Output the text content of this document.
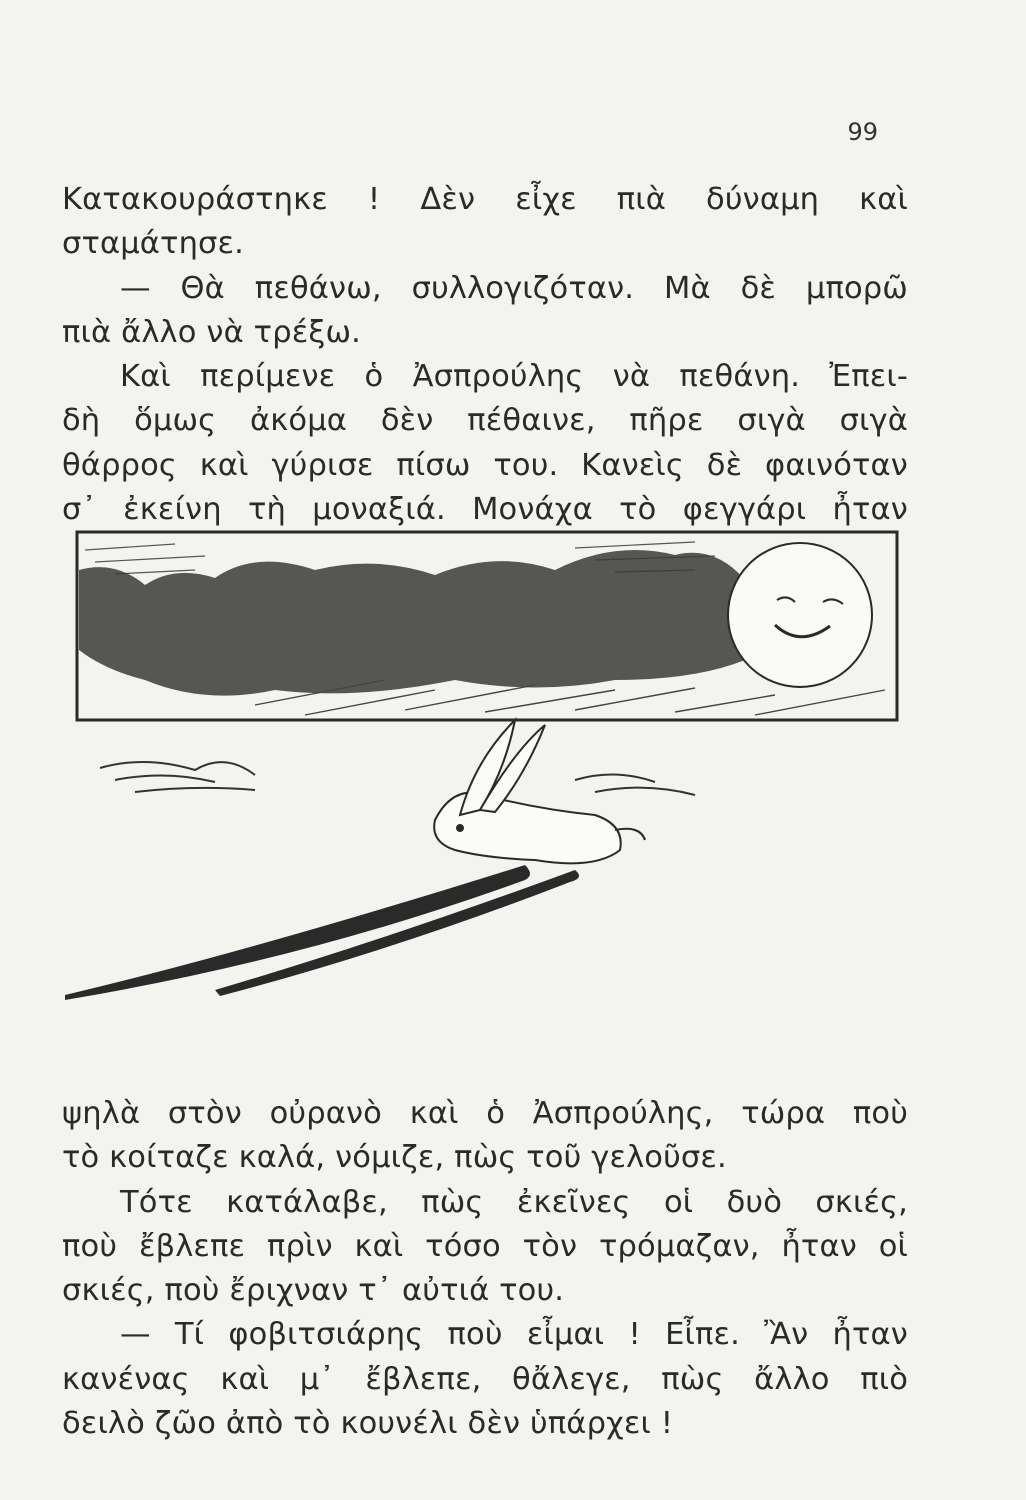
99
Κατακουράστηκε ! Δὲν εἶχε πιὰ δύναμη καὶ
σταμάτησε.
— Θὰ πεθάνω, συλλογιζόταν. Μὰ δὲ μπορῶ
πιὰ ἄλλο νὰ τρέξω.
Καὶ περίμενε ὁ Ἀσπρούλης νὰ πεθάνη. Ἐπει-
δὴ ὅμως ἀκόμα δὲν πέθαινε, πῆρε σιγὰ σιγὰ
θάρρος καὶ γύρισε πίσω του. Κανεὶς δὲ φαινόταν
σ᾿ ἐκείνη τὴ μοναξιά. Μονάχα τὸ φεγγάρι ἦταν
ψηλὰ στὸν οὐρανὸ καὶ ὁ Ἀσπρούλης, τώρα ποὺ
τὸ κοίταζε καλά, νόμιζε, πὼς τοῦ γελοῦσε.
Τότε κατάλαβε, πὼς ἐκεῖνες οἱ δυὸ σκιές,
ποὺ ἔβλεπε πρὶν καὶ τόσο τὸν τρόμαζαν, ἦταν οἱ
σκιές, ποὺ ἔριχναν τ᾿ αὐτιά του.
— Τί φοβιτσιάρης ποὺ εἶμαι ! Εἶπε. Ἂν ἦταν
κανένας καὶ μ᾿ ἔβλεπε, θἄλεγε, πὼς ἄλλο πιὸ
δειλὸ ζῶο ἀπὸ τὸ κουνέλι δὲν ὑπάρχει !
